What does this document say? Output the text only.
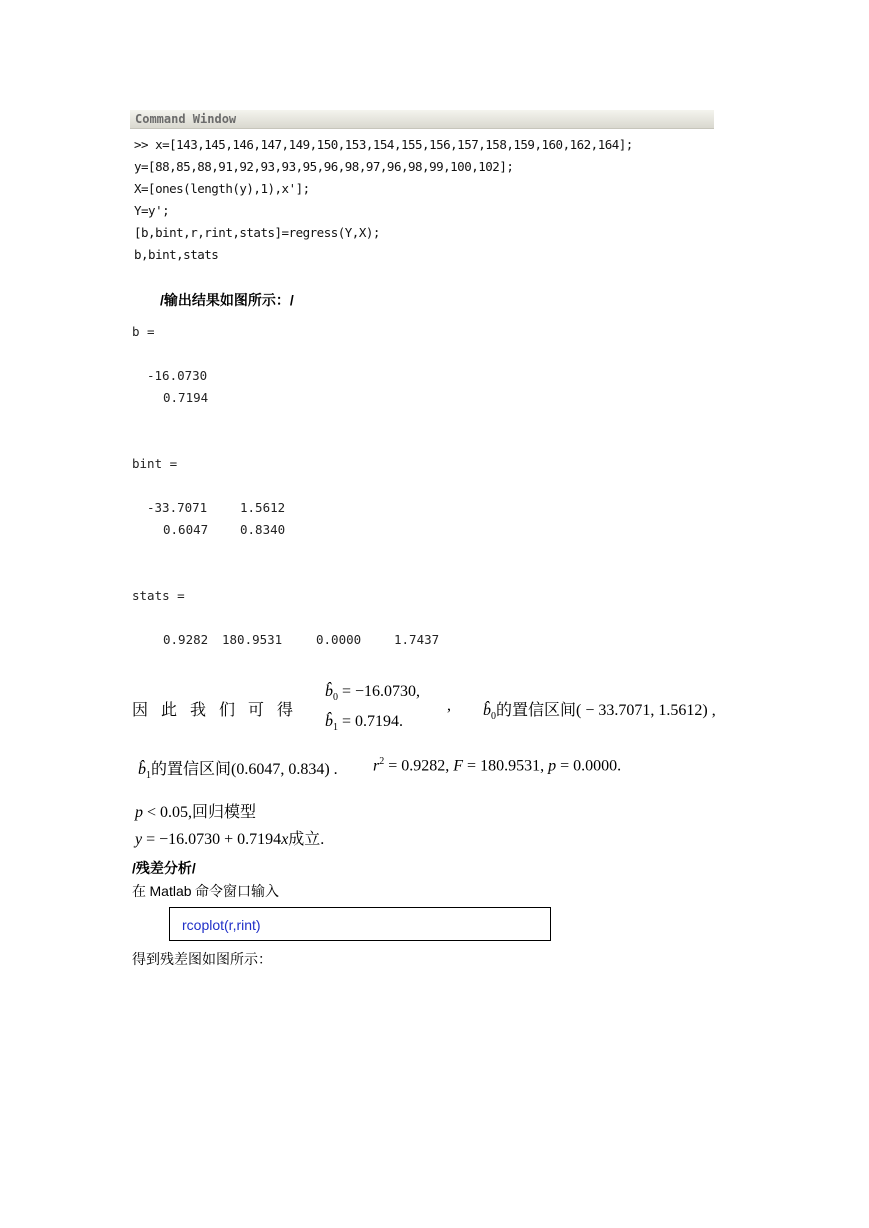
Command Window
>> x=[143,145,146,147,149,150,153,154,155,156,157,158,159,160,162,164];
y=[88,85,88,91,92,93,93,95,96,98,97,96,98,99,100,102];
X=[ones(length(y),1),x'];
Y=y';
[b,bint,r,rint,stats]=regress(Y,X);
b,bint,stats
/输出结果如图所示：/
b =
-16.0730
0.7194
bint =
-33.7071	1.5612
0.6047	0.8340
stats =
0.9282 180.9531	0.0000	1.7437
因此我们可得
$b̂_0 = -16.0730$,
$b̂_1 = 0.7194$.
, $b̂_0$的置信区间( − 33.7071, 1.5612) ,
$b̂_1$的置信区间(0.6047, 0.834) . $r^2 = 0.9282$, F = 180.9531, p = 0.0000.
p < 0.05,回归模型
y = −16.0730 + 0.7194x成立.
/残差分析/
在 Matlab 命令窗口输入
rcoplot(r,rint)
得到残差图如图所示：
